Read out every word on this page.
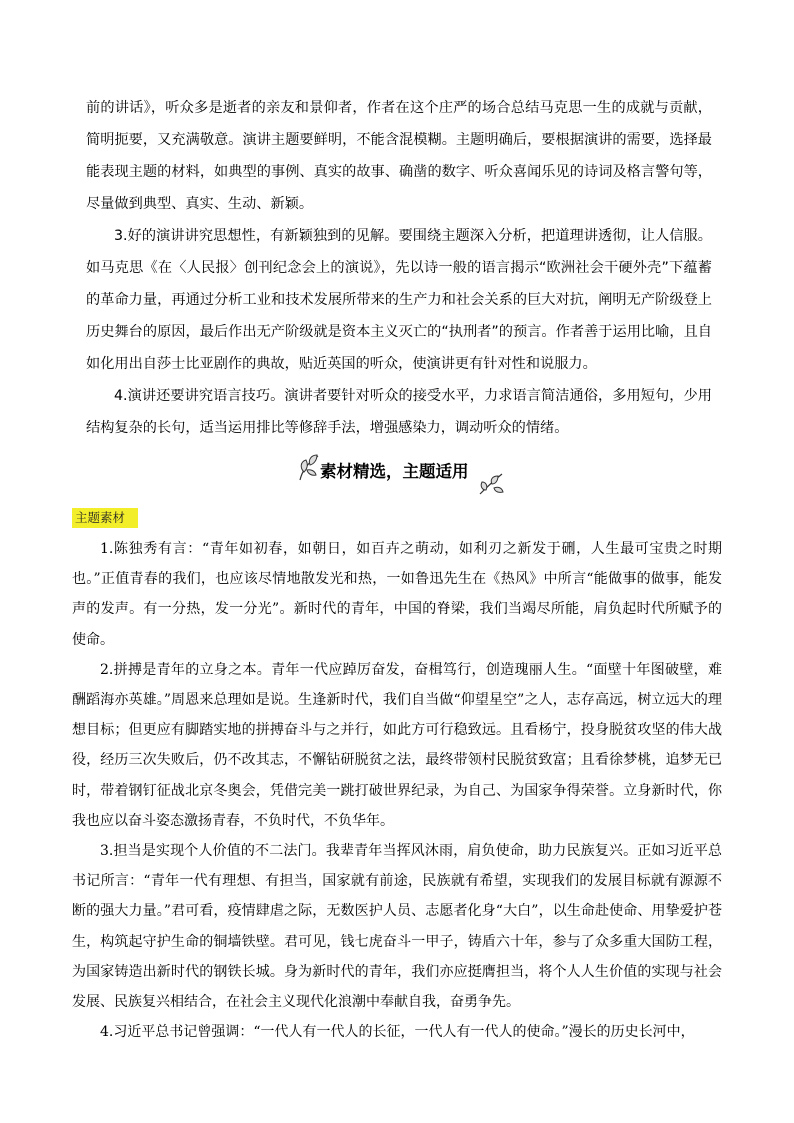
前的讲话》，听众多是逝者的亲友和景仰者，作者在这个庄严的场合总结马克思一生的成就与贡献，简明扼要，又充满敬意。演讲主题要鲜明，不能含混模糊。主题明确后，要根据演讲的需要，选择最能表现主题的材料，如典型的事例、真实的故事、确凿的数字、听众喜闻乐见的诗词及格言警句等，尽量做到典型、真实、生动、新颖。

3.好的演讲讲究思想性，有新颖独到的见解。要围绕主题深入分析，把道理讲透彻，让人信服。如马克思《在〈人民报〉创刊纪念会上的演说》，先以诗一般的语言揭示“欧洲社会干硬外壳”下蕴蓄的革命力量，再通过分析工业和技术发展所带来的生产力和社会关系的巨大对抗，阐明无产阶级登上历史舞台的原因，最后作出无产阶级就是资本主义灭亡的“执刑者”的预言。作者善于运用比喻，且自如化用出自莎士比亚剧作的典故，贴近英国的听众，使演讲更有针对性和说服力。

4.演讲还要讲究语言技巧。演讲者要针对听众的接受水平，力求语言简洁通俗，多用短句，少用结构复杂的长句，适当运用排比等修辞手法，增强感染力，调动听众的情绪。

素材精选，主题适用
主题素材

1.陈独秀有言：“青年如初春，如朝日，如百卉之萌动，如利刃之新发于硎，人生最可宝贵之时期也。”正值青春的我们，也应该尽情地散发光和热，一如鲁迅先生在《热风》中所言“能做事的做事，能发声的发声。有一分热，发一分光”。新时代的青年，中国的脊梁，我们当竭尽所能，肩负起时代所赋予的使命。

2.拼搏是青年的立身之本。青年一代应踔厉奋发，奋楫笃行，创造瑰丽人生。“面壁十年图破壁，难酬蹈海亦英雄。”周恩来总理如是说。生逢新时代，我们自当做“仰望星空”之人，志存高远，树立远大的理想目标；但更应有脚踏实地的拼搏奋斗与之并行，如此方可行稳致远。且看杨宁，投身脱贫攻坚的伟大战役，经历三次失败后，仍不改其志，不懈钻研脱贫之法，最终带领村民脱贫致富；且看徐梦桃，追梦无已时，带着钢钉征战北京冬奥会，凭借完美一跳打破世界纪录，为自己、为国家争得荣誉。立身新时代，你我也应以奋斗姿态激扬青春，不负时代，不负华年。

3.担当是实现个人价值的不二法门。我辈青年当挥风沐雨，肩负使命，助力民族复兴。正如习近平总书记所言：“青年一代有理想、有担当，国家就有前途，民族就有希望，实现我们的发展目标就有源源不断的强大力量。”君可看，疫情肆虐之际，无数医护人员、志愿者化身“大白”，以生命赴使命、用挚爱护苍生，构筑起守护生命的铜墙铁壁。君可见，钱七虎奋斗一甲子，铸盾六十年，参与了众多重大国防工程，为国家铸造出新时代的钢铁长城。身为新时代的青年，我们亦应挺膺担当，将个人人生价值的实现与社会发展、民族复兴相结合，在社会主义现代化浪潮中奉献自我，奋勇争先。

4.习近平总书记曾强调：“一代人有一代人的长征，一代人有一代人的使命。”漫长的历史长河中，
